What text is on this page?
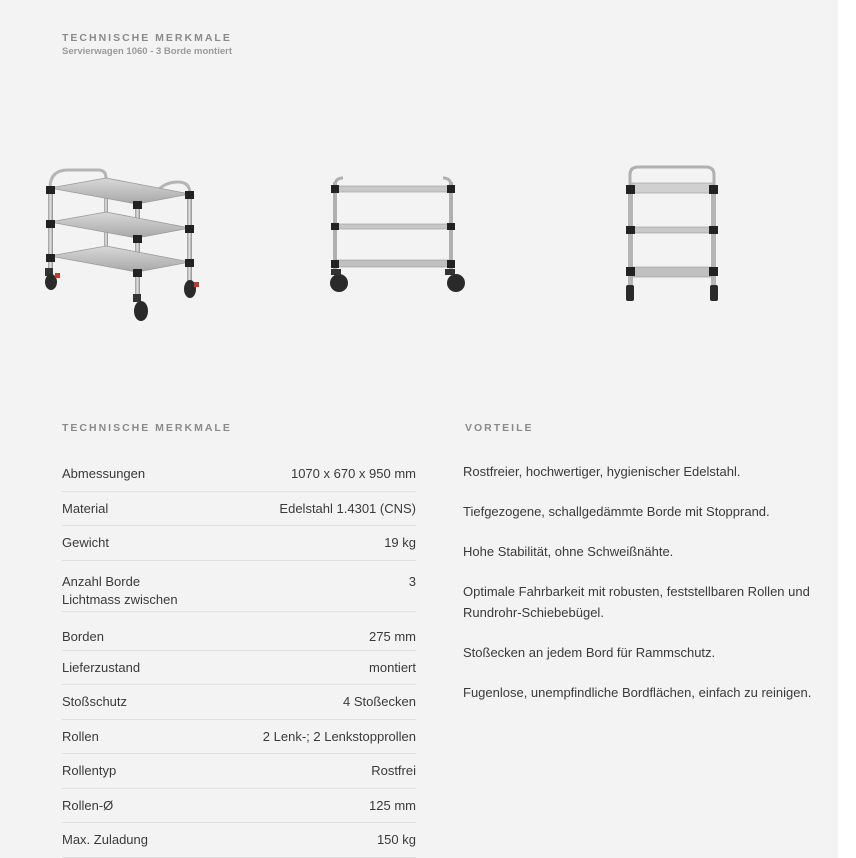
TECHNISCHE MERKMALE
Servierwagen 1060 - 3 Borde montiert
TECHNISCHE MERKMALE
Abmessungen	1070 x 670 x 950 mm
Material	Edelstahl 1.4301 (CNS)
Gewicht	19 kg
Anzahl Borde	3
Lichtmass zwischen
Borden	275 mm
Lieferzustand	montiert
Stoßschutz	4 Stoßecken
Rollen	2 Lenk-; 2 Lenkstopprollen
Rollentyp	Rostfrei
Rollen-Ø	125 mm
Max. Zuladung	150 kg
VORTEILE

Rostfreier, hochwertiger, hygienischer Edelstahl.

Tiefgezogene, schallgedämmte Borde mit Stopprand.

Hohe Stabilität, ohne Schweißnähte.

Optimale Fahrbarkeit mit robusten, feststellbaren Rollen und Rundrohr-Schiebebügel.

Stoßecken an jedem Bord für Rammschutz.

Fugenlose, unempfindliche Bordflächen, einfach zu reinigen.
